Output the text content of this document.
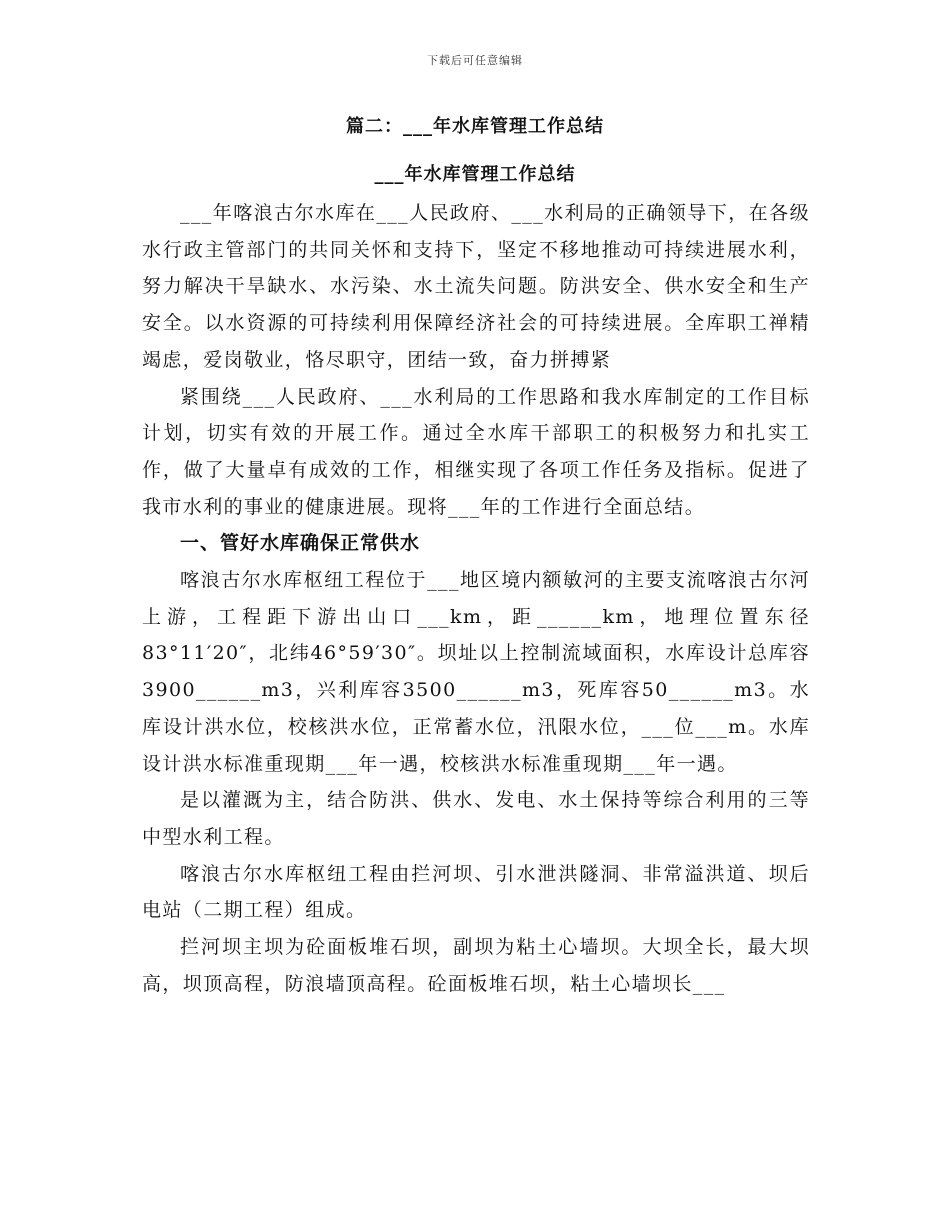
下载后可任意编辑
篇二：___年水库管理工作总结
___年水库管理工作总结

___年喀浪古尔水库在___人民政府、___水利局的正确领导下，在各级水行政主管部门的共同关怀和支持下，坚定不移地推动可持续进展水利，努力解决干旱缺水、水污染、水土流失问题。防洪安全、供水安全和生产安全。以水资源的可持续利用保障经济社会的可持续进展。全库职工禅精竭虑，爱岗敬业，恪尽职守，团结一致，奋力拼搏紧

紧围绕___人民政府、___水利局的工作思路和我水库制定的工作目标计划，切实有效的开展工作。通过全水库干部职工的积极努力和扎实工作，做了大量卓有成效的工作，相继实现了各项工作任务及指标。促进了我市水利的事业的健康进展。现将___年的工作进行全面总结。

一、管好水库确保正常供水

喀浪古尔水库枢纽工程位于___地区境内额敏河的主要支流喀浪古尔河上游，工程距下游出山口___km，距______km，地理位置东径83°11′20″，北纬46°59′30″。坝址以上控制流域面积，水库设计总库容3900______m3，兴利库容3500______m3，死库容50______m3。水库设计洪水位，校核洪水位，正常蓄水位，汛限水位，___位___m。水库设计洪水标准重现期___年一遇，校核洪水标准重现期___年一遇。

是以灌溉为主，结合防洪、供水、发电、水土保持等综合利用的三等中型水利工程。

喀浪古尔水库枢纽工程由拦河坝、引水泄洪隧洞、非常溢洪道、坝后电站（二期工程）组成。

拦河坝主坝为砼面板堆石坝，副坝为粘土心墙坝。大坝全长，最大坝高，坝顶高程，防浪墙顶高程。砼面板堆石坝，粘土心墙坝长___
